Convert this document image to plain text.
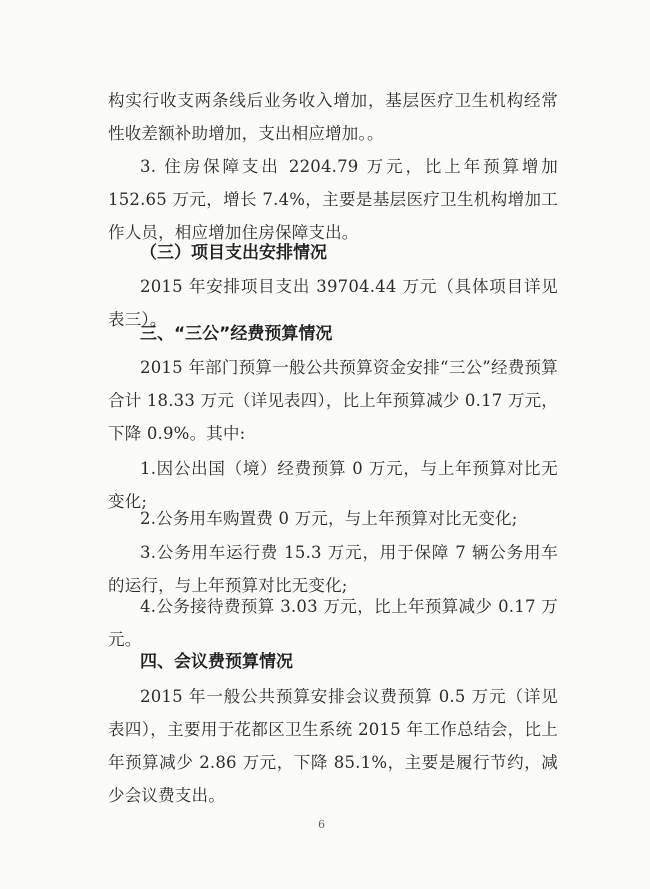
构实行收支两条线后业务收入增加，基层医疗卫生机构经常性收差额补助增加，支出相应增加。。

3. 住房保障支出 2204.79 万元，比上年预算增加 152.65 万元，增长 7.4%，主要是基层医疗卫生机构增加工作人员，相应增加住房保障支出。

（三）项目支出安排情况

2015 年安排项目支出 39704.44 万元（具体项目详见表三）。

三、“三公”经费预算情况

2015 年部门预算一般公共预算资金安排“三公”经费预算合计 18.33 万元（详见表四），比上年预算减少 0.17 万元，下降 0.9%。其中:

1.因公出国（境）经费预算 0 万元，与上年预算对比无变化;

2.公务用车购置费 0 万元，与上年预算对比无变化;

3.公务用车运行费 15.3 万元，用于保障 7 辆公务用车的运行，与上年预算对比无变化;

4.公务接待费预算 3.03 万元，比上年预算减少 0.17 万元。

四、会议费预算情况

2015 年一般公共预算安排会议费预算 0.5 万元（详见表四），主要用于花都区卫生系统 2015 年工作总结会，比上年预算减少 2.86 万元，下降 85.1%，主要是履行节约，减少会议费支出。

6
